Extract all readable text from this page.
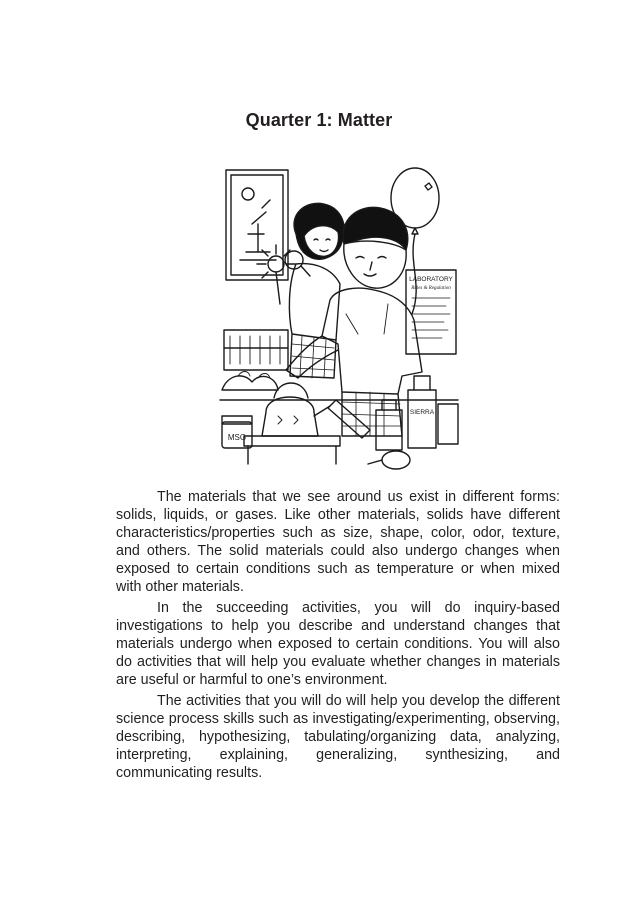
Quarter 1: Matter
LABORATORY
Rules & Regulation
MSG
SIERRA

The materials that we see around us exist in different forms: solids, liquids, or gases. Like other materials, solids have different characteristics/properties such as size, shape, color, odor, texture, and others. The solid materials could also undergo changes when exposed to certain conditions such as temperature or when mixed with other materials.

In the succeeding activities, you will do inquiry-based investigations to help you describe and understand changes that materials undergo when exposed to certain conditions. You will also do activities that will help you evaluate whether changes in materials are useful or harmful to one’s environment.

The activities that you will do will help you develop the different science process skills such as investigating/experimenting, observing, describing, hypothesizing, tabulating/organizing data, analyzing, interpreting, explaining, generalizing, synthesizing, and communicating results.
